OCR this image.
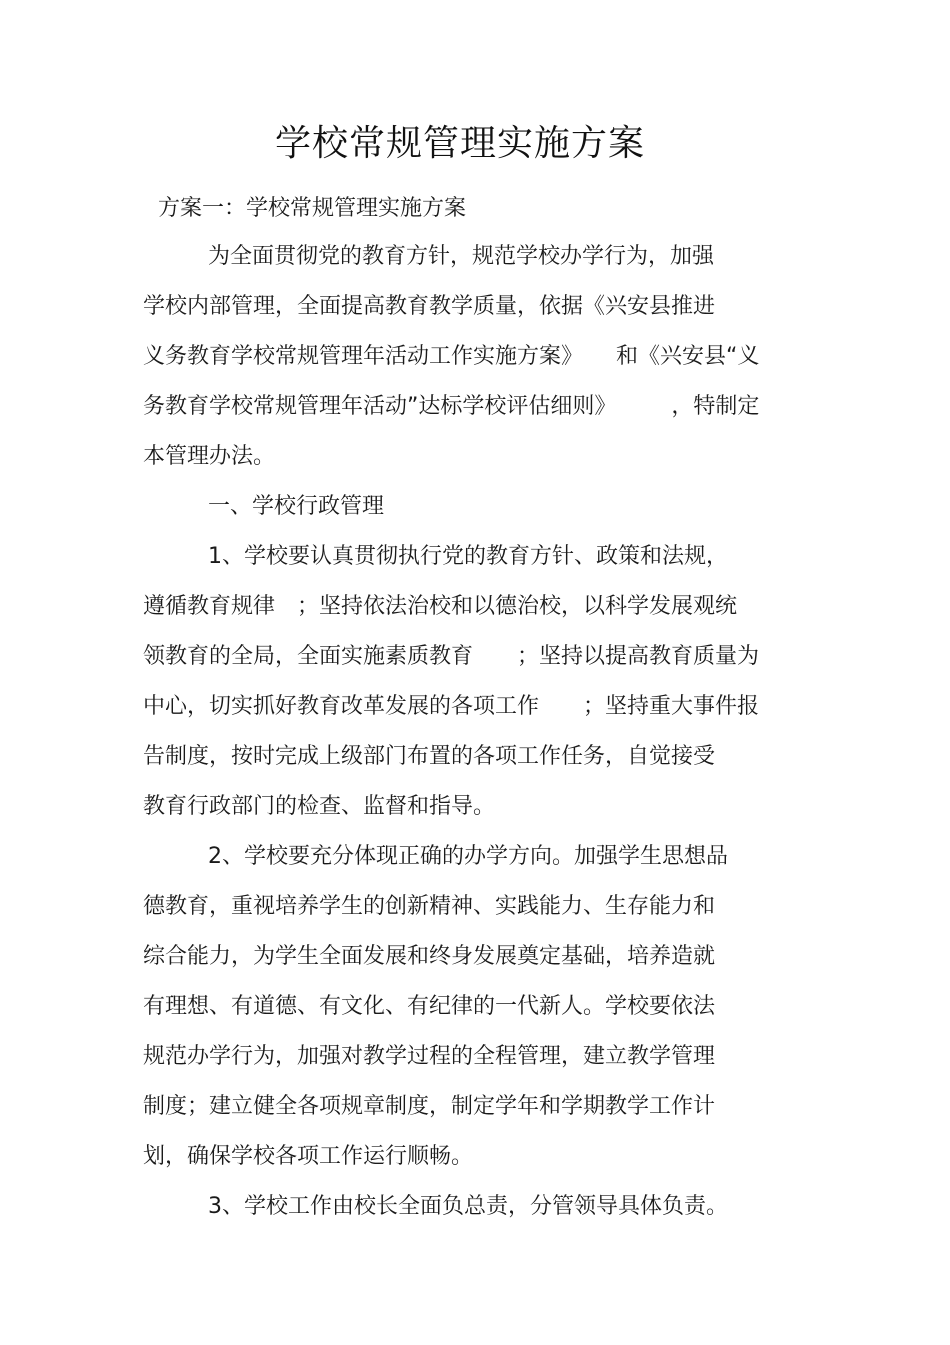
学校常规管理实施方案
方案一：学校常规管理实施方案
为全面贯彻党的教育方针，规范学校办学行为，加强
学校内部管理，全面提高教育教学质量，依据《兴安县推进
义务教育学校常规管理年活动工作实施方案》　　和《兴安县“义
务教育学校常规管理年活动”达标学校评估细则》　　　，特制定
本管理办法。
一、学校行政管理
1、学校要认真贯彻执行党的教育方针、政策和法规，
遵循教育规律　；坚持依法治校和以德治校，以科学发展观统
领教育的全局，全面实施素质教育　　；坚持以提高教育质量为
中心，切实抓好教育改革发展的各项工作　　；坚持重大事件报
告制度，按时完成上级部门布置的各项工作任务，自觉接受
教育行政部门的检查、监督和指导。
2、学校要充分体现正确的办学方向。加强学生思想品
德教育，重视培养学生的创新精神、实践能力、生存能力和
综合能力，为学生全面发展和终身发展奠定基础，培养造就
有理想、有道德、有文化、有纪律的一代新人。学校要依法
规范办学行为，加强对教学过程的全程管理，建立教学管理
制度；建立健全各项规章制度，制定学年和学期教学工作计
划，确保学校各项工作运行顺畅。
3、学校工作由校长全面负总责，分管领导具体负责。
